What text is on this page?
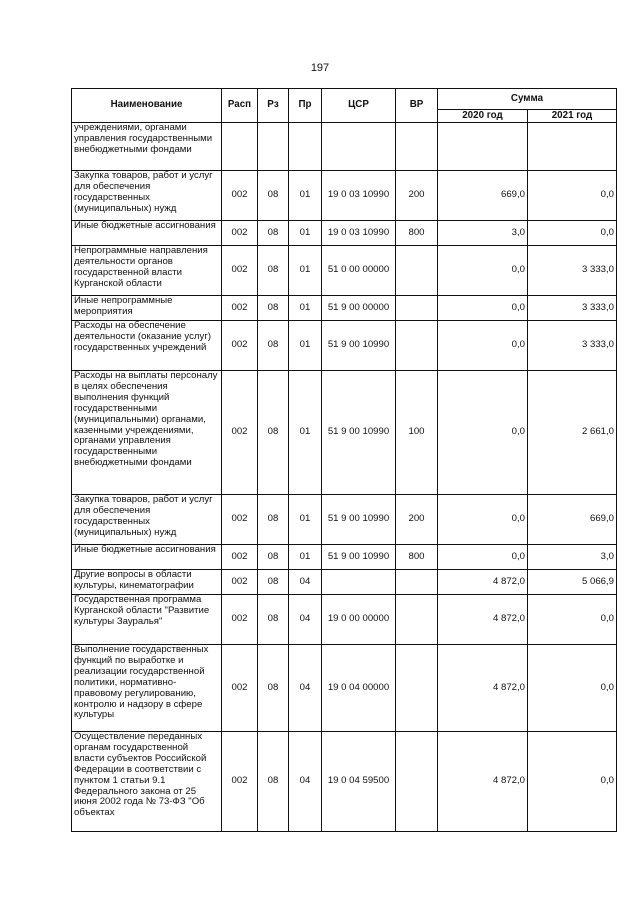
197
Наименование	Расп	Рз	Пр	ЦСР	ВР	Сумма	
						2020 год	2021 год
учреждениями, органами управления государственными внебюджетными фондами							
Закупка товаров, работ и услуг для обеспечения государственных (муниципальных) нужд	002	08	01	19 0 03 10990	200	669,0	0,0
Иные бюджетные ассигнования	002	08	01	19 0 03 10990	800	3,0	0,0
Непрограммные направления деятельности органов государственной власти Курганской области	002	08	01	51 0 00 00000		0,0	3 333,0
Иные непрограммные мероприятия	002	08	01	51 9 00 00000		0,0	3 333,0
Расходы на обеспечение деятельности (оказание услуг) государственных учреждений	002	08	01	51 9 00 10990		0,0	3 333,0
Расходы на выплаты персоналу в целях обеспечения выполнения функций государственными (муниципальными) органами, казенными учреждениями, органами управления государственными внебюджетными фондами	002	08	01	51 9 00 10990	100	0,0	2 661,0
Закупка товаров, работ и услуг для обеспечения государственных (муниципальных) нужд	002	08	01	51 9 00 10990	200	0,0	669,0
Иные бюджетные ассигнования	002	08	01	51 9 00 10990	800	0,0	3,0
Другие вопросы в области культуры, кинематографии	002	08	04			4 872,0	5 066,9
Государственная программа Курганской области "Развитие культуры Зауралья"	002	08	04	19 0 00 00000		4 872,0	0,0
Выполнение государственных функций по выработке и реализации государственной политики, нормативно-правовому регулированию, контролю и надзору в сфере культуры	002	08	04	19 0 04 00000		4 872,0	0,0
Осуществление переданных органам государственной власти субъектов Российской Федерации в соответствии с пунктом 1 статьи 9.1 Федерального закона от 25 июня 2002 года № 73-ФЗ "Об объектах	002	08	04	19 0 04 59500		4 872,0	0,0
